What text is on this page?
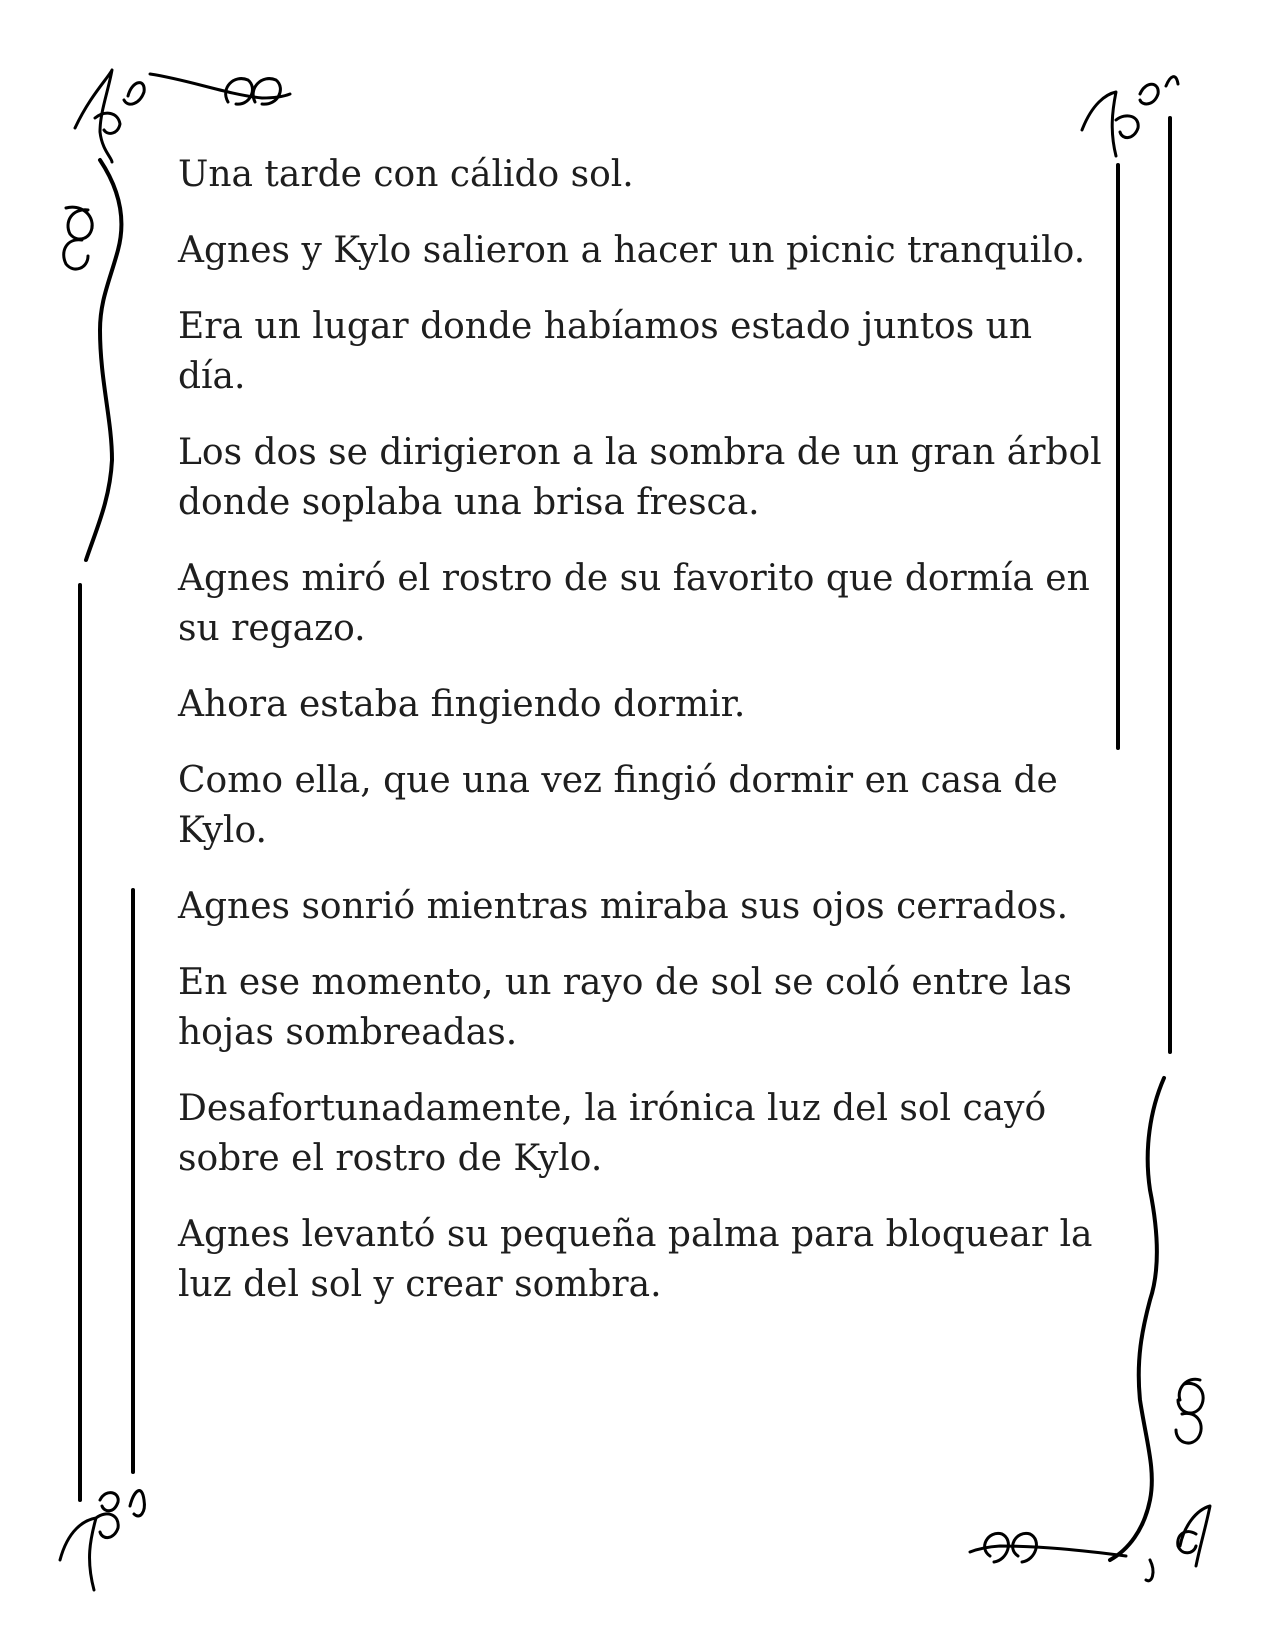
Una tarde con cálido sol.

Agnes y Kylo salieron a hacer un picnic tranquilo.

Era un lugar donde habíamos estado juntos un día.

Los dos se dirigieron a la sombra de un gran árbol donde soplaba una brisa fresca.

Agnes miró el rostro de su favorito que dormía en su regazo.

Ahora estaba fingiendo dormir.

Como ella, que una vez fingió dormir en casa de Kylo.

Agnes sonrió mientras miraba sus ojos cerrados.

En ese momento, un rayo de sol se coló entre las hojas sombreadas.

Desafortunadamente, la irónica luz del sol cayó sobre el rostro de Kylo.

Agnes levantó su pequeña palma para bloquear la luz del sol y crear sombra.
